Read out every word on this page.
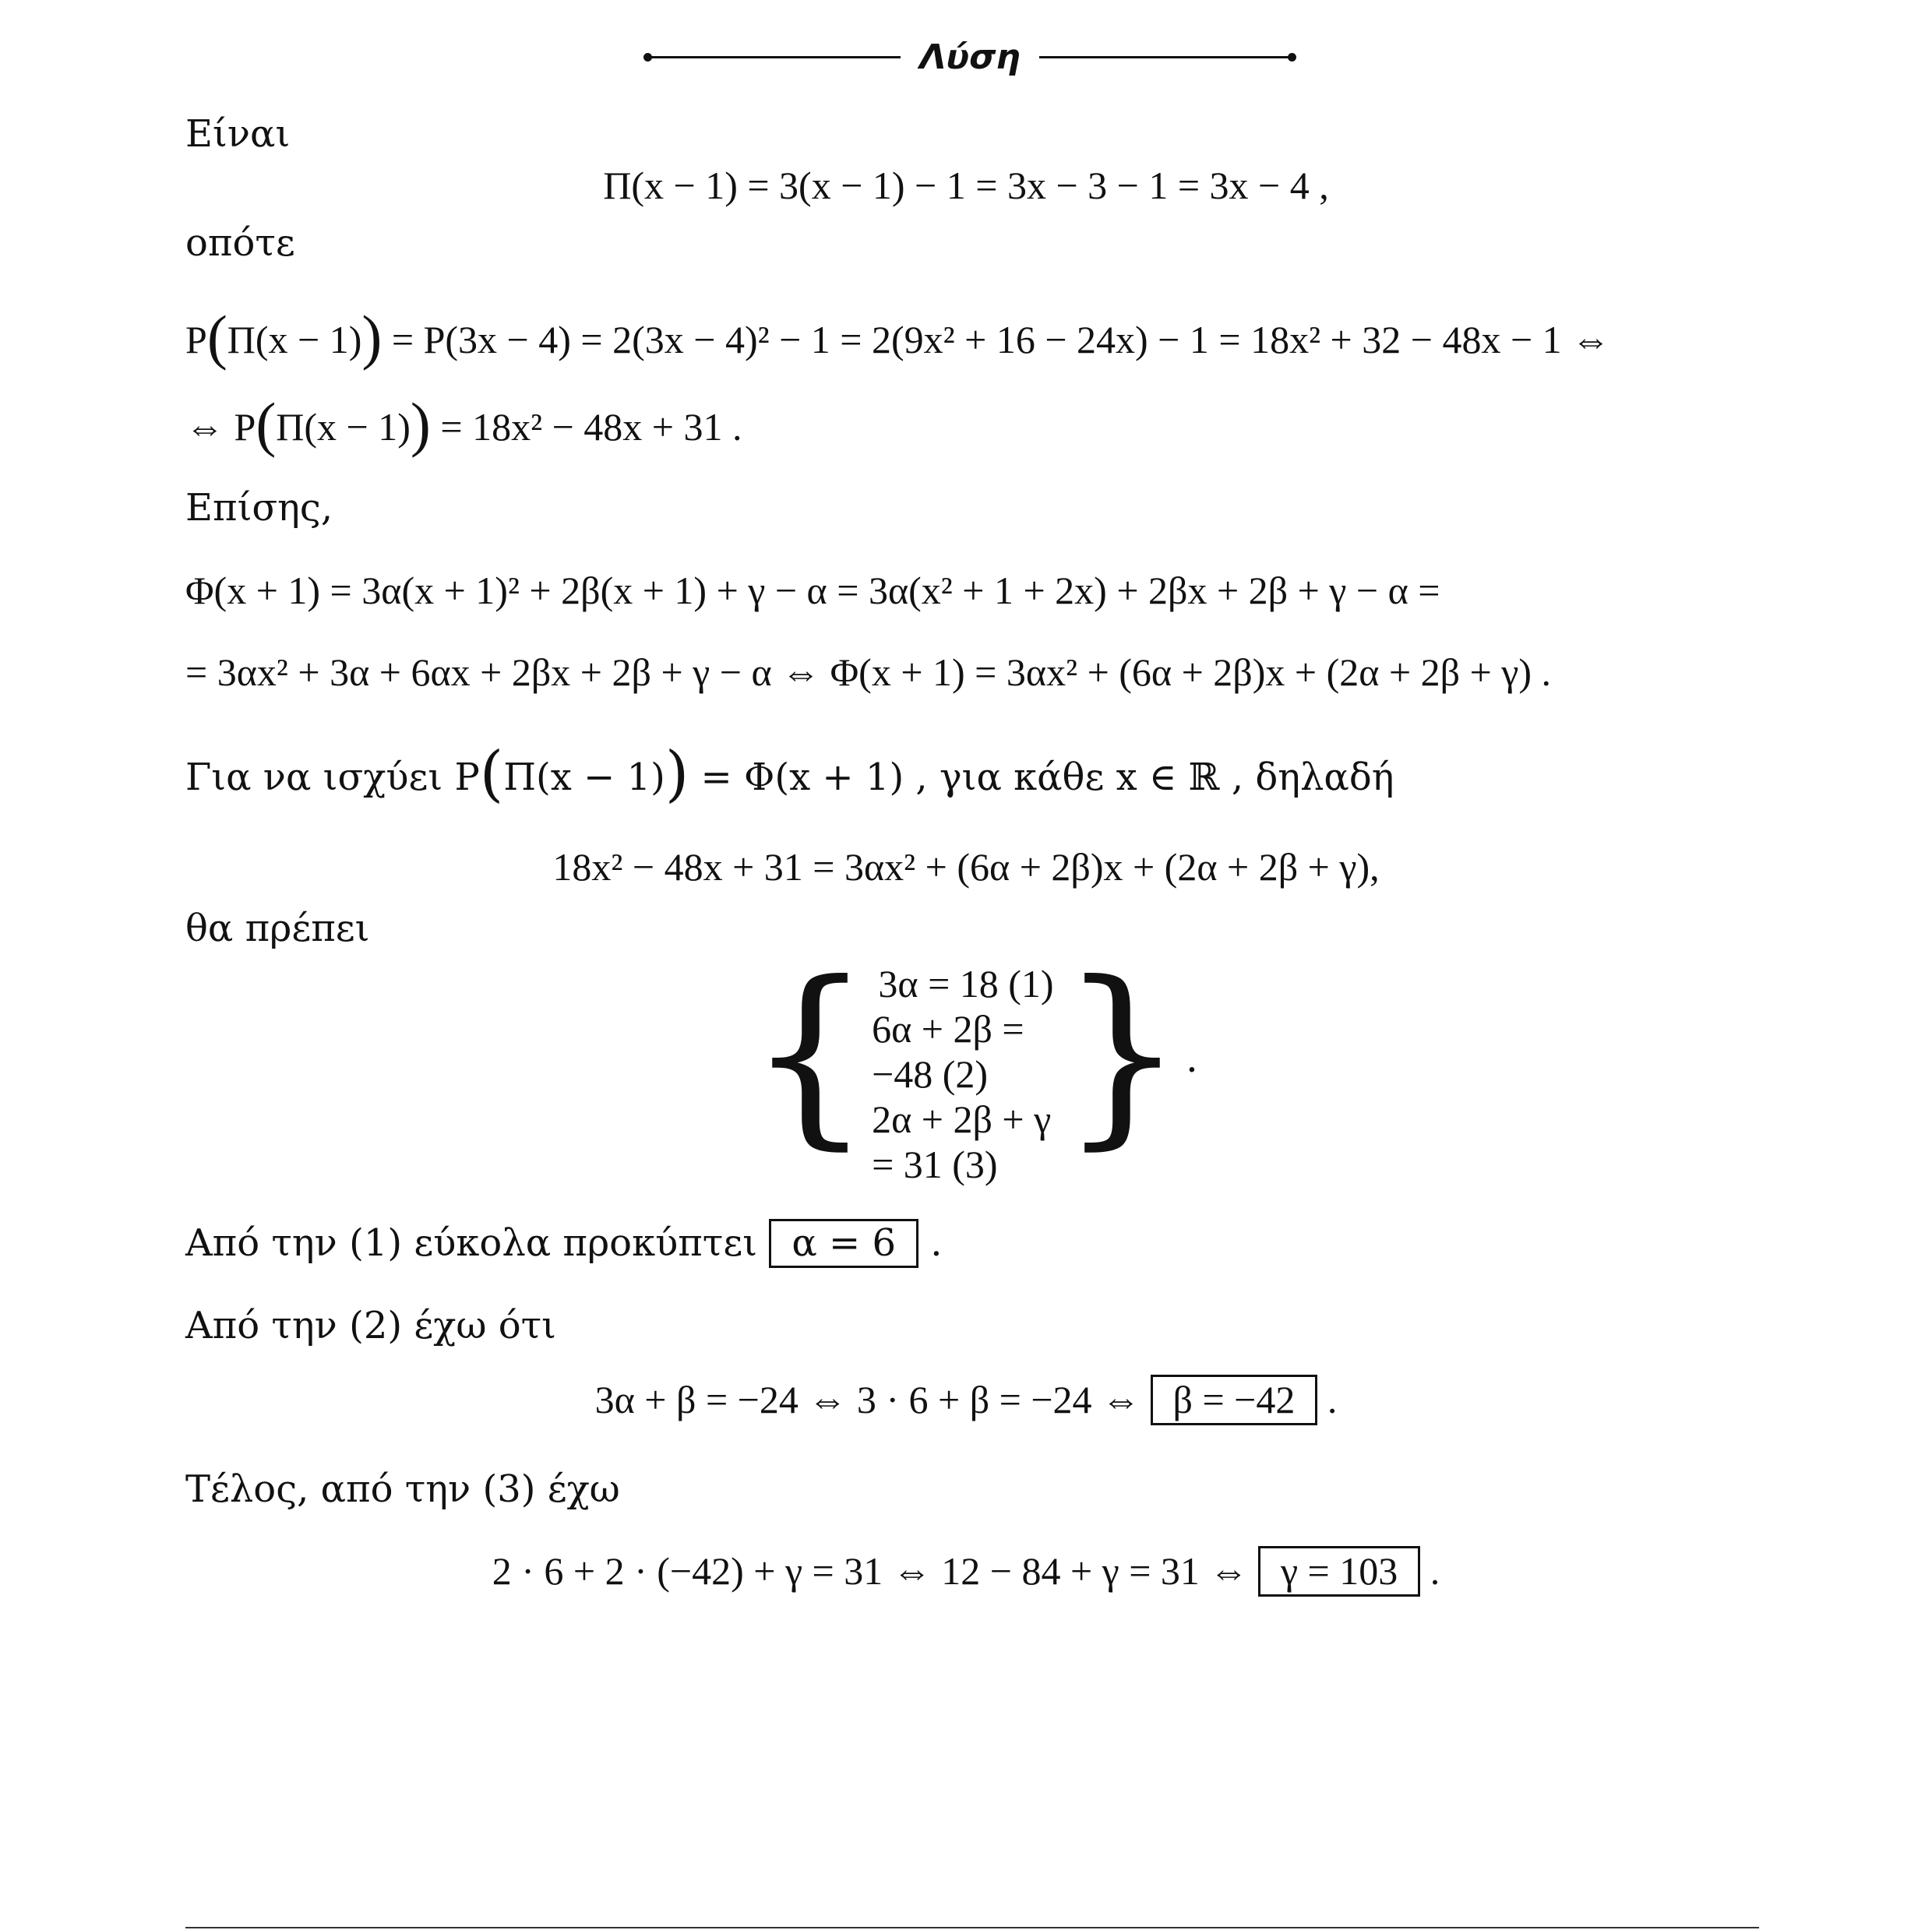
Λύση
Είναι
Π(x − 1) = 3(x − 1) − 1 = 3x − 3 − 1 = 3x − 4 ,
οπότε
P(Π(x − 1)) = P(3x − 4) = 2(3x − 4)² − 1 = 2(9x² + 16 − 24x) − 1 = 18x² + 32 − 48x − 1 ⇔
⇔ P(Π(x − 1)) = 18x² − 48x + 31 .
Επίσης,
Φ(x + 1) = 3α(x + 1)² + 2β(x + 1) + γ − α = 3α(x² + 1 + 2x) + 2βx + 2β + γ − α =
= 3αx² + 3α + 6αx + 2βx + 2β + γ − α ⇔ Φ(x + 1) = 3αx² + (6α + 2β)x + (2α + 2β + γ) .
Για να ισχύει P(Π(x − 1)) = Φ(x + 1) , για κάθε x ∈ ℝ , δηλαδή
18x² − 48x + 31 = 3αx² + (6α + 2β)x + (2α + 2β + γ),
θα πρέπει
{ 3α = 18 (1)
6α + 2β = −48 (2)
2α + 2β + γ = 31 (3) } .
Από την (1) εύκολα προκύπτει α = 6 .
Από την (2) έχω ότι
3α + β = −24 ⇔ 3 · 6 + β = −24 ⇔ β = −42 .
Τέλος, από την (3) έχω
2 · 6 + 2 · (−42) + γ = 31 ⇔ 12 − 84 + γ = 31 ⇔ γ = 103 .
